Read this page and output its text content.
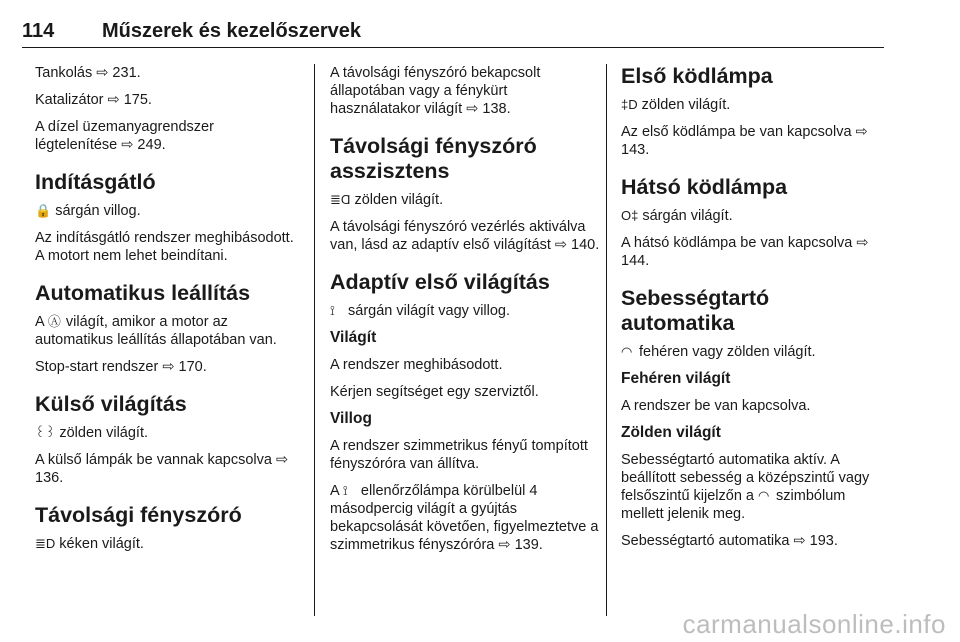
114	Műszerek és kezelőszervek

Tankolás ⇨ 231.

Katalizátor ⇨ 175.

A dízel üzemanyagrendszer légtelenítése ⇨ 249.

Indításgátló

🔒 sárgán villog.

Az indításgátló rendszer meghibásodott. A motort nem lehet beindítani.

Automatikus leállítás

A Ⓐ világít, amikor a motor az automatikus leállítás állapotában van.

Stop-start rendszer ⇨ 170.

Külső világítás

꒰꒱ zölden világít.

A külső lámpák be vannak kapcsolva ⇨ 136.

Távolsági fényszóró

≣D kéken világít.

A távolsági fényszóró bekapcsolt állapotában vagy a fénykürt használatakor világít ⇨ 138.

Távolsági fényszóró asszisztens

≣Ɑ zölden világít.

A távolsági fényszóró vezérlés aktiválva van, lásd az adaptív első világítást ⇨ 140.

Adaptív első világítás

⟟ sárgán világít vagy villog.

Világít

A rendszer meghibásodott.

Kérjen segítséget egy szerviztől.

Villog

A rendszer szimmetrikus fényű tompított fényszóróra van állítva.

A ⟟ ellenőrzőlámpa körülbelül 4 másodpercig világít a gyújtás bekapcsolását követően, figyelmeztetve a szimmetrikus fényszóróra ⇨ 139.

Első ködlámpa

‡D zölden világít.

Az első ködlámpa be van kapcsolva ⇨ 143.

Hátsó ködlámpa

O‡ sárgán világít.

A hátsó ködlámpa be van kapcsolva ⇨ 144.

Sebességtartó automatika

◠ fehéren vagy zölden világít.

Fehéren világít

A rendszer be van kapcsolva.

Zölden világít

Sebességtartó automatika aktív. A beállított sebesség a középszintű vagy felsőszintű kijelzőn a ◠ szimbólum mellett jelenik meg.

Sebességtartó automatika ⇨ 193.

carmanualsonline.info
